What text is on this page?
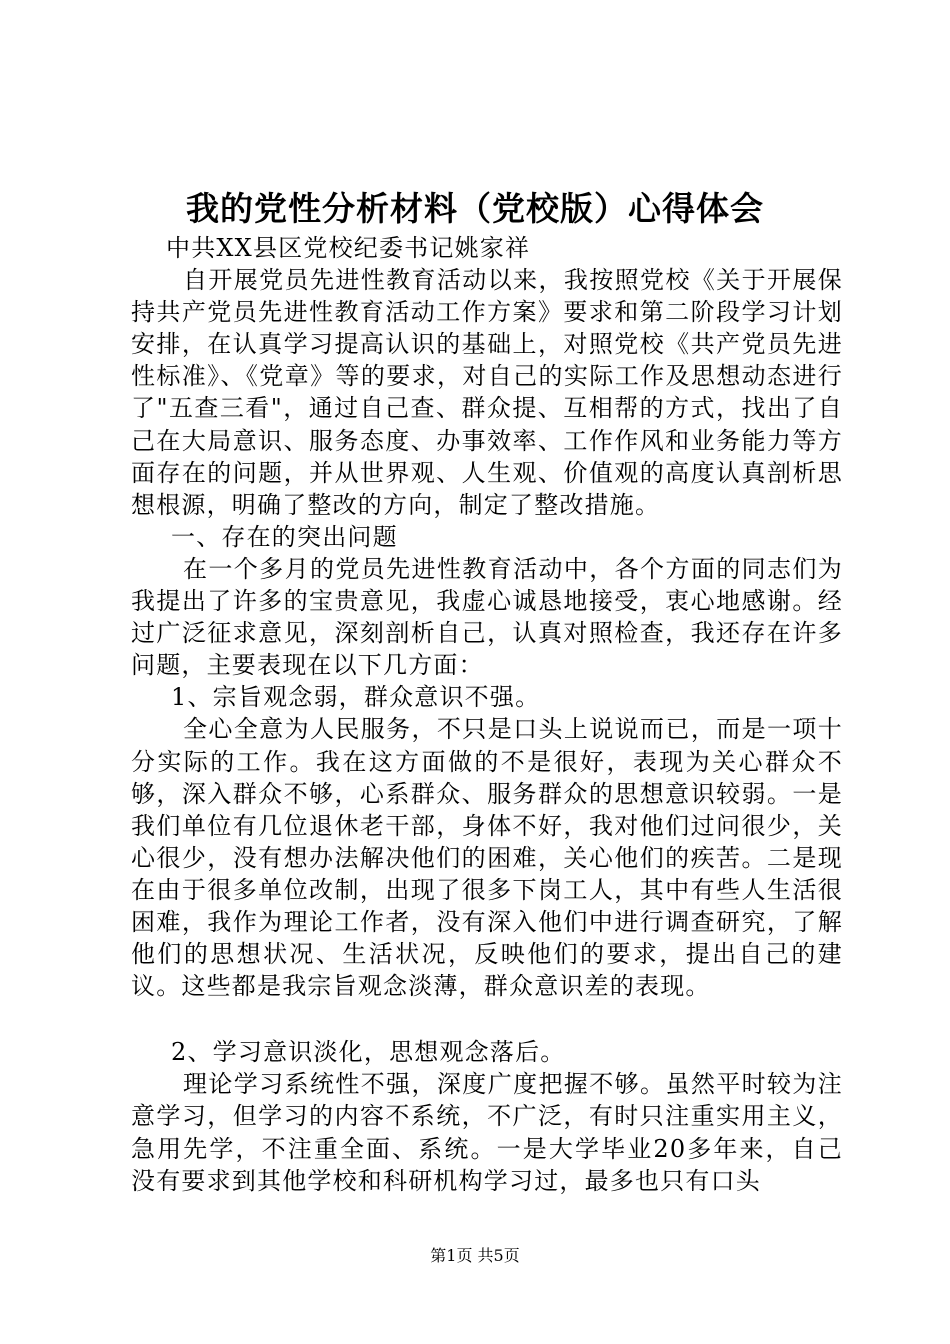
我的党性分析材料（党校版）心得体会

中共XX县区党校纪委书记姚家祥

自开展党员先进性教育活动以来，我按照党校《关于开展保持共产党员先进性教育活动工作方案》要求和第二阶段学习计划安排，在认真学习提高认识的基础上，对照党校《共产党员先进性标准》、《党章》等的要求，对自己的实际工作及思想动态进行了"五查三看"，通过自己查、群众提、互相帮的方式，找出了自己在大局意识、服务态度、办事效率、工作作风和业务能力等方面存在的问题，并从世界观、人生观、价值观的高度认真剖析思想根源，明确了整改的方向，制定了整改措施。

一、存在的突出问题

在一个多月的党员先进性教育活动中，各个方面的同志们为我提出了许多的宝贵意见，我虚心诚恳地接受，衷心地感谢。经过广泛征求意见，深刻剖析自己，认真对照检查，我还存在许多问题，主要表现在以下几方面：

1、宗旨观念弱，群众意识不强。

全心全意为人民服务，不只是口头上说说而已，而是一项十分实际的工作。我在这方面做的不是很好，表现为关心群众不够，深入群众不够，心系群众、服务群众的思想意识较弱。一是我们单位有几位退休老干部，身体不好，我对他们过问很少，关心很少，没有想办法解决他们的困难，关心他们的疾苦。二是现在由于很多单位改制，出现了很多下岗工人，其中有些人生活很困难，我作为理论工作者，没有深入他们中进行调查研究，了解他们的思想状况、生活状况，反映他们的要求，提出自己的建议。这些都是我宗旨观念淡薄，群众意识差的表现。

2、学习意识淡化，思想观念落后。

理论学习系统性不强，深度广度把握不够。虽然平时较为注意学习，但学习的内容不系统，不广泛，有时只注重实用主义，急用先学，不注重全面、系统。一是大学毕业20多年来，自己没有要求到其他学校和科研机构学习过，最多也只有口头

第1页 共5页
